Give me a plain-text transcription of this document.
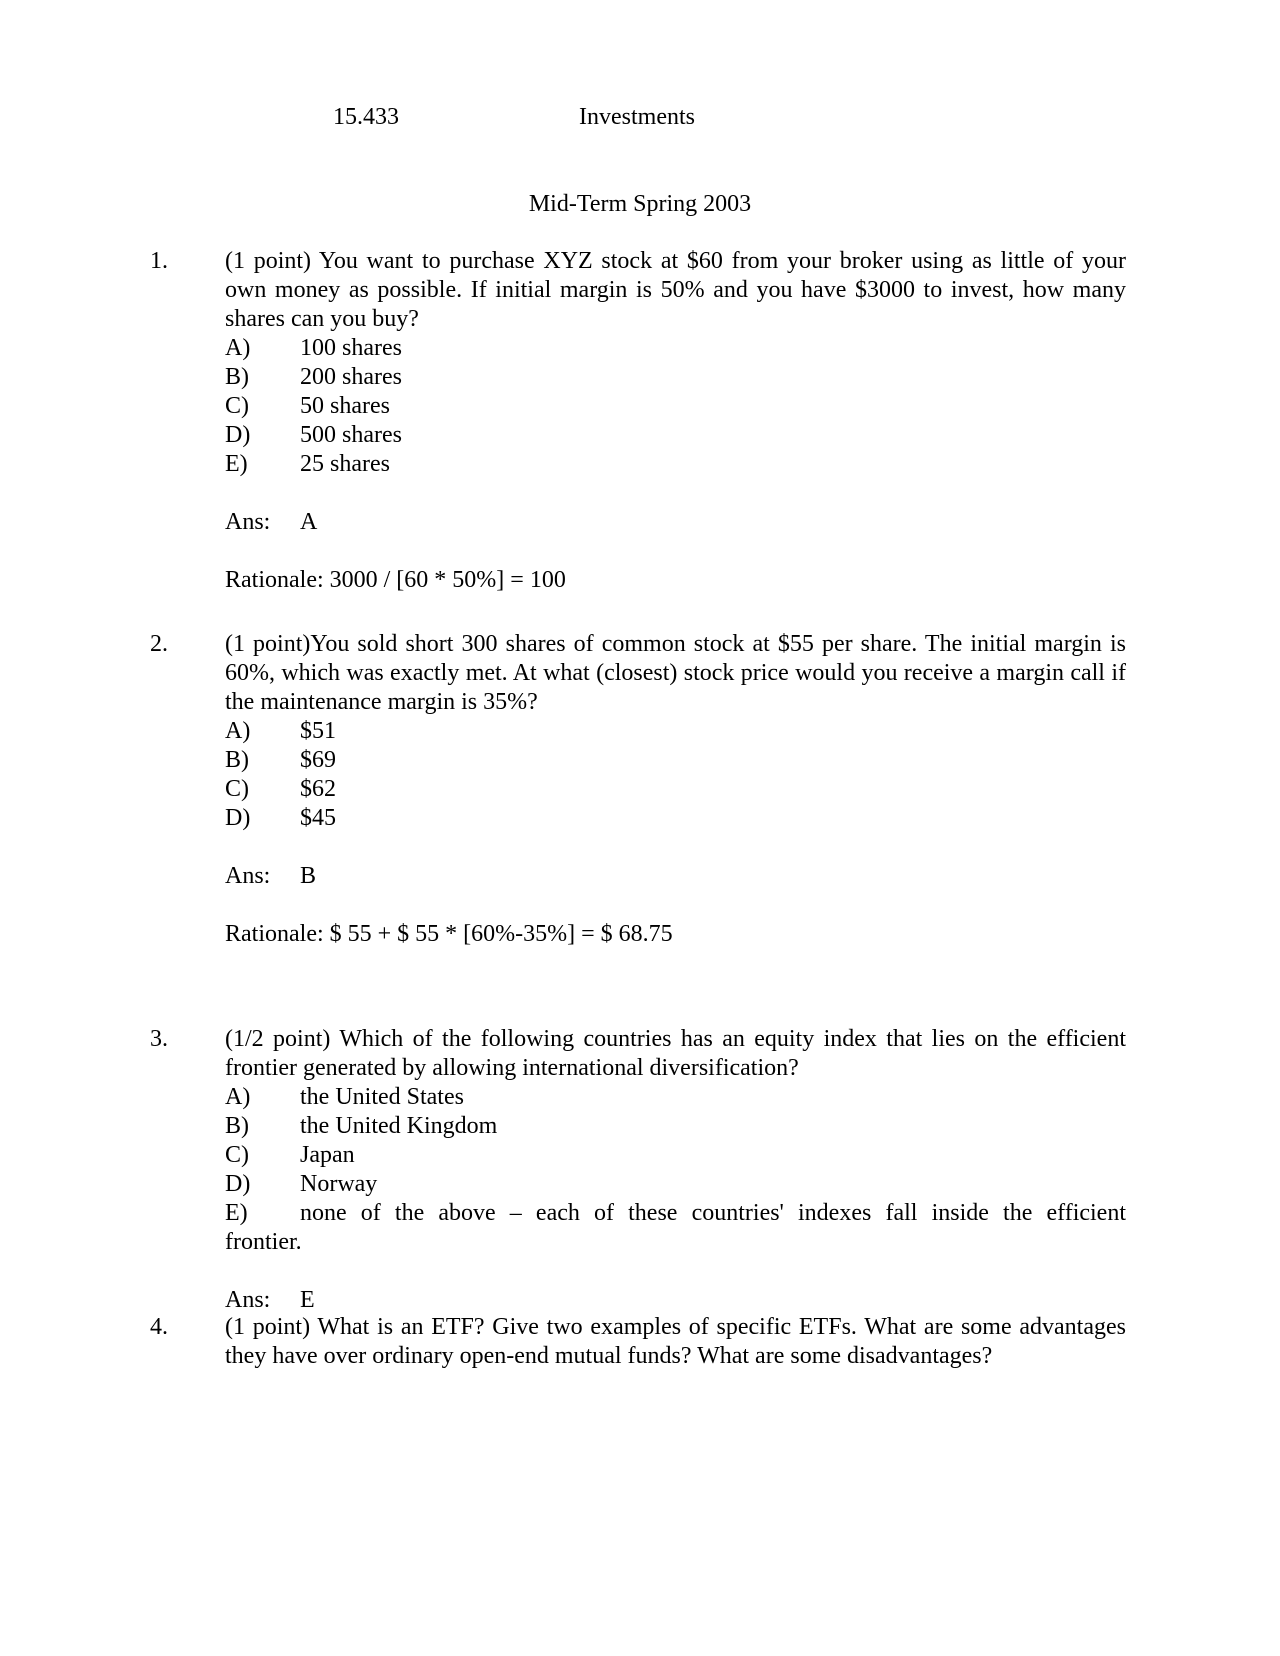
15.433	Investments
Mid-Term Spring 2003
1. (1 point) You want to purchase XYZ stock at $60 from your broker using as little of your own money as possible. If initial margin is 50% and you have $3000 to invest, how many shares can you buy?

A)	100 shares
B)	200 shares
C)	50 shares
D)	500 shares
E)	25 shares
Ans:	A
Rationale: 3000 / [60 * 50%] = 100
2. (1 point)You sold short 300 shares of common stock at $55 per share. The initial margin is 60%, which was exactly met. At what (closest) stock price would you receive a margin call if the maintenance margin is 35%?

A)	$51
B)	$69
C)	$62
D)	$45
Ans:	B
Rationale: $ 55 + $ 55 * [60%-35%] = $ 68.75
3. (1/2 point) Which of the following countries has an equity index that lies on the efficient frontier generated by allowing international diversification?

A)	the United States
B)	the United Kingdom
C)	Japan
D)	Norway
E) none of the above – each of these countries' indexes fall inside the efficient
frontier.
Ans:	E
4. (1 point) What is an ETF? Give two examples of specific ETFs. What are some advantages they have over ordinary open-end mutual funds? What are some disadvantages?
